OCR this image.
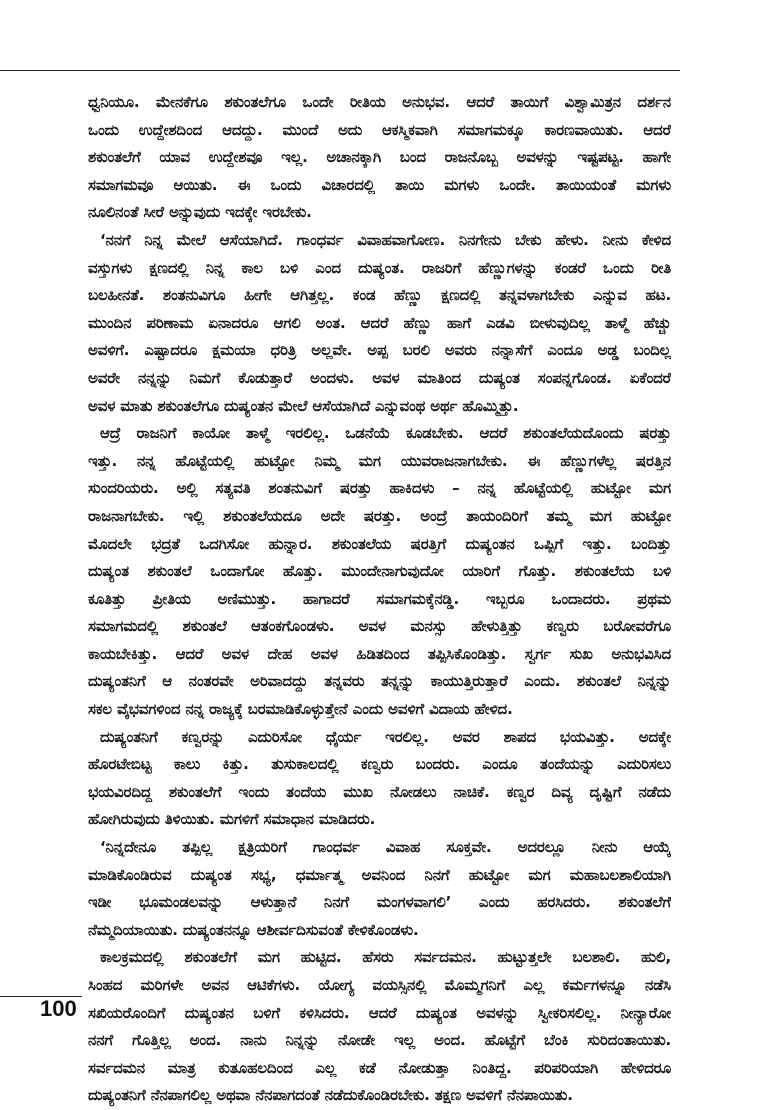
ಧ್ವನಿಯೂ. ಮೇನಕೆಗೂ ಶಕುಂತಲೆಗೂ ಒಂದೇ ರೀತಿಯ ಅನುಭವ. ಆದರೆ ತಾಯಿಗೆ ವಿಶ್ವಾಮಿತ್ರನ ದರ್ಶನ
ಒಂದು ಉದ್ದೇಶದಿಂದ ಆದದ್ದು. ಮುಂದೆ ಅದು ಆಕಸ್ಮಿಕವಾಗಿ ಸಮಾಗಮಕ್ಕೂ ಕಾರಣವಾಯಿತು. ಆದರೆ
ಶಕುಂತಲೆಗೆ ಯಾವ ಉದ್ದೇಶವೂ ಇಲ್ಲ. ಅಚಾನಕ್ಕಾಗಿ ಬಂದ ರಾಜನೊಬ್ಬ ಅವಳನ್ನು ಇಷ್ಟಪಟ್ಟ. ಹಾಗೇ
ಸಮಾಗಮವೂ ಆಯಿತು. ಈ ಒಂದು ವಿಚಾರದಲ್ಲಿ ತಾಯಿ ಮಗಳು ಒಂದೇ. ತಾಯಿಯಂತೆ ಮಗಳು
ನೂಲಿನಂತೆ ಸೀರೆ ಅನ್ನುವುದು ಇದಕ್ಕೇ ಇರಬೇಕು.
‘ನನಗೆ ನಿನ್ನ ಮೇಲೆ ಆಸೆಯಾಗಿದೆ. ಗಾಂಧರ್ವ ವಿವಾಹವಾಗೋಣ. ನಿನಗೇನು ಬೇಕು ಹೇಳು. ನೀನು ಕೇಳಿದ
ವಸ್ತುಗಳು ಕ್ಷಣದಲ್ಲಿ ನಿನ್ನ ಕಾಲ ಬಳಿ ಎಂದ ದುಷ್ಯಂತ. ರಾಜರಿಗೆ ಹೆಣ್ಣುಗಳನ್ನು ಕಂಡರೆ ಒಂದು ರೀತಿ
ಬಲಹೀನತೆ. ಶಂತನುವಿಗೂ ಹೀಗೇ ಆಗಿತ್ತಲ್ಲ. ಕಂಡ ಹೆಣ್ಣು ಕ್ಷಣದಲ್ಲಿ ತನ್ನವಳಾಗಬೇಕು ಎನ್ನುವ ಹಟ.
ಮುಂದಿನ ಪರಿಣಾಮ ಏನಾದರೂ ಆಗಲಿ ಅಂತ. ಆದರೆ ಹೆಣ್ಣು ಹಾಗೆ ಎಡವಿ ಬೀಳುವುದಿಲ್ಲ ತಾಳ್ಮೆ ಹೆಚ್ಚು
ಅವಳಿಗೆ. ಎಷ್ಟಾದರೂ ಕ್ಷಮಯಾ ಧರಿತ್ರಿ ಅಲ್ಲವೇ. ಅಪ್ಪ ಬರಲಿ ಅವರು ನನ್ನಾಸೆಗೆ ಎಂದೂ ಅಡ್ಡ ಬಂದಿಲ್ಲ
ಅವರೇ ನನ್ನನ್ನು ನಿಮಗೆ ಕೊಡುತ್ತಾರೆ ಅಂದಳು. ಅವಳ ಮಾತಿಂದ ದುಷ್ಯಂತ ಸಂಪನ್ನಗೊಂಡ. ಏಕೆಂದರೆ
ಅವಳ ಮಾತು ಶಕುಂತಲೆಗೂ ದುಷ್ಯಂತನ ಮೇಲೆ ಆಸೆಯಾಗಿದೆ ಎನ್ನುವಂಥ ಅರ್ಥ ಹೊಮ್ಮಿತ್ತು.
ಆದ್ರೆ ರಾಜನಿಗೆ ಕಾಯೋ ತಾಳ್ಮೆ ಇರಲಿಲ್ಲ. ಒಡನೆಯೆ ಕೂಡಬೇಕು. ಆದರೆ ಶಕುಂತಲೆಯದೊಂದು ಷರತ್ತು
ಇತ್ತು. ನನ್ನ ಹೊಟ್ಟೆಯಲ್ಲಿ ಹುಟ್ಟೋ ನಿಮ್ಮ ಮಗ ಯುವರಾಜನಾಗಬೇಕು. ಈ ಹೆಣ್ಣುಗಳೆಲ್ಲ ಷರತ್ತಿನ
ಸುಂದರಿಯರು. ಅಲ್ಲಿ ಸತ್ಯವತಿ ಶಂತನುವಿಗೆ ಷರತ್ತು ಹಾಕಿದಳು – ನನ್ನ ಹೊಟ್ಟೆಯಲ್ಲಿ ಹುಟ್ಟೋ ಮಗ
ರಾಜನಾಗಬೇಕು. ಇಲ್ಲಿ ಶಕುಂತಲೆಯದೂ ಅದೇ ಷರತ್ತು. ಅಂದ್ರೆ ತಾಯಂದಿರಿಗೆ ತಮ್ಮ ಮಗ ಹುಟ್ಟೋ
ಮೊದಲೇ ಭದ್ರತೆ ಒದಗಿಸೋ ಹುನ್ನಾರ. ಶಕುಂತಲೆಯ ಷರತ್ತಿಗೆ ದುಷ್ಯಂತನ ಒಪ್ಪಿಗೆ ಇತ್ತು. ಬಂದಿತ್ತು
ದುಷ್ಯಂತ ಶಕುಂತಲೆ ಒಂದಾಗೋ ಹೊತ್ತು. ಮುಂದೇನಾಗುವುದೋ ಯಾರಿಗೆ ಗೊತ್ತು. ಶಕುಂತಲೆಯ ಬಳಿ
ಕೂತಿತ್ತು ಪ್ರೀತಿಯ ಅಣಿಮುತ್ತು. ಹಾಗಾದರೆ ಸಮಾಗಮಕ್ಕೆನಡ್ಡಿ. ಇಬ್ಬರೂ ಒಂದಾದರು. ಪ್ರಥಮ
ಸಮಾಗಮದಲ್ಲಿ ಶಕುಂತಲೆ ಆತಂಕಗೊಂಡಳು. ಅವಳ ಮನಸ್ಸು ಹೇಳುತ್ತಿತ್ತು ಕಣ್ವರು ಬರೋವರೆಗೂ
ಕಾಯಬೇಕಿತ್ತು. ಆದರೆ ಅವಳ ದೇಹ ಅವಳ ಹಿಡಿತದಿಂದ ತಪ್ಪಿಸಿಕೊಂಡಿತ್ತು. ಸ್ವರ್ಗ ಸುಖ ಅನುಭವಿಸಿದ
ದುಷ್ಯಂತನಿಗೆ ಆ ನಂತರವೇ ಅರಿವಾದದ್ದು ತನ್ನವರು ತನ್ನನ್ನು ಕಾಯುತ್ತಿರುತ್ತಾರೆ ಎಂದು. ಶಕುಂತಲೆ ನಿನ್ನನ್ನು
ಸಕಲ ವೈಭವಗಳಿಂದ ನನ್ನ ರಾಜ್ಯಕ್ಕೆ ಬರಮಾಡಿಕೊಳ್ಳುತ್ತೇನೆ ಎಂದು ಅವಳಿಗೆ ವಿದಾಯ ಹೇಳಿದ.
ದುಷ್ಯಂತನಿಗೆ ಕಣ್ವರನ್ನು ಎದುರಿಸೋ ಧೈರ್ಯ ಇರಲಿಲ್ಲ. ಅವರ ಶಾಪದ ಭಯವಿತ್ತು. ಅದಕ್ಕೇ
ಹೊರಟೇಬಿಟ್ಟ ಕಾಲು ಕಿತ್ತು. ತುಸುಕಾಲದಲ್ಲಿ ಕಣ್ವರು ಬಂದರು. ಎಂದೂ ತಂದೆಯನ್ನು ಎದುರಿಸಲು
ಭಯವಿರದಿದ್ದ ಶಕುಂತಲೆಗೆ ಇಂದು ತಂದೆಯ ಮುಖ ನೋಡಲು ನಾಚಿಕೆ. ಕಣ್ವರ ದಿವ್ಯ ದೃಷ್ಟಿಗೆ ನಡೆದು
ಹೋಗಿರುವುದು ತಿಳಿಯಿತು. ಮಗಳಿಗೆ ಸಮಾಧಾನ ಮಾಡಿದರು.
‘ನಿನ್ನದೇನೂ ತಪ್ಪಿಲ್ಲ ಕ್ಷತ್ರಿಯರಿಗೆ ಗಾಂಧರ್ವ ವಿವಾಹ ಸೂಕ್ತವೇ. ಅದರಲ್ಲೂ ನೀನು ಆಯ್ಕೆ
ಮಾಡಿಕೊಂಡಿರುವ ದುಷ್ಯಂತ ಸಭ್ಯ, ಧರ್ಮಾತ್ಮ ಅವನಿಂದ ನಿನಗೆ ಹುಟ್ಟೋ ಮಗ ಮಹಾಬಲಶಾಲಿಯಾಗಿ
ಇಡೀ ಭೂಮಂಡಲವನ್ನು ಆಳುತ್ತಾನೆ ನಿನಗೆ ಮಂಗಳವಾಗಲಿ’ ಎಂದು ಹರಸಿದರು. ಶಕುಂತಲೆಗೆ
ನೆಮ್ಮದಿಯಾಯಿತು. ದುಷ್ಯಂತನನ್ನೂ ಆಶೀರ್ವದಿಸುವಂತೆ ಕೇಳಿಕೊಂಡಳು.
ಕಾಲಕ್ರಮದಲ್ಲಿ ಶಕುಂತಲೆಗೆ ಮಗ ಹುಟ್ಟಿದ. ಹೆಸರು ಸರ್ವದಮನ. ಹುಟ್ಟುತ್ತಲೇ ಬಲಶಾಲಿ. ಹುಲಿ,
ಸಿಂಹದ ಮರಿಗಳೇ ಅವನ ಆಟಿಕೆಗಳು. ಯೋಗ್ಯ ವಯಸ್ಸಿನಲ್ಲಿ ಮೊಮ್ಮಗನಿಗೆ ಎಲ್ಲ ಕರ್ಮಗಳನ್ನೂ ನಡೆಸಿ
ಸಖಿಯರೊಂದಿಗೆ ದುಷ್ಯಂತನ ಬಳಿಗೆ ಕಳಿಸಿದರು. ಆದರೆ ದುಷ್ಯಂತ ಅವಳನ್ನು ಸ್ವೀಕರಿಸಲಿಲ್ಲ. ನೀನ್ಯಾರೋ
ನನಗೆ ಗೊತ್ತಿಲ್ಲ ಅಂದ. ನಾನು ನಿನ್ನನ್ನು ನೋಡೇ ಇಲ್ಲ ಅಂದ. ಹೊಟ್ಟೆಗೆ ಬೆಂಕಿ ಸುರಿದಂತಾಯಿತು.
ಸರ್ವದಮನ ಮಾತ್ರ ಕುತೂಹಲದಿಂದ ಎಲ್ಲ ಕಡೆ ನೋಡುತ್ತಾ ನಿಂತಿದ್ದ. ಪರಿಪರಿಯಾಗಿ ಹೇಳಿದರೂ
ದುಷ್ಯಂತನಿಗೆ ನೆನಪಾಗಲಿಲ್ಲ ಅಥವಾ ನೆನಪಾಗದಂತೆ ನಡೆದುಕೊಂಡಿರಬೇಕು. ತಕ್ಷಣ ಅವಳಿಗೆ ನೆನಪಾಯಿತು.
100
